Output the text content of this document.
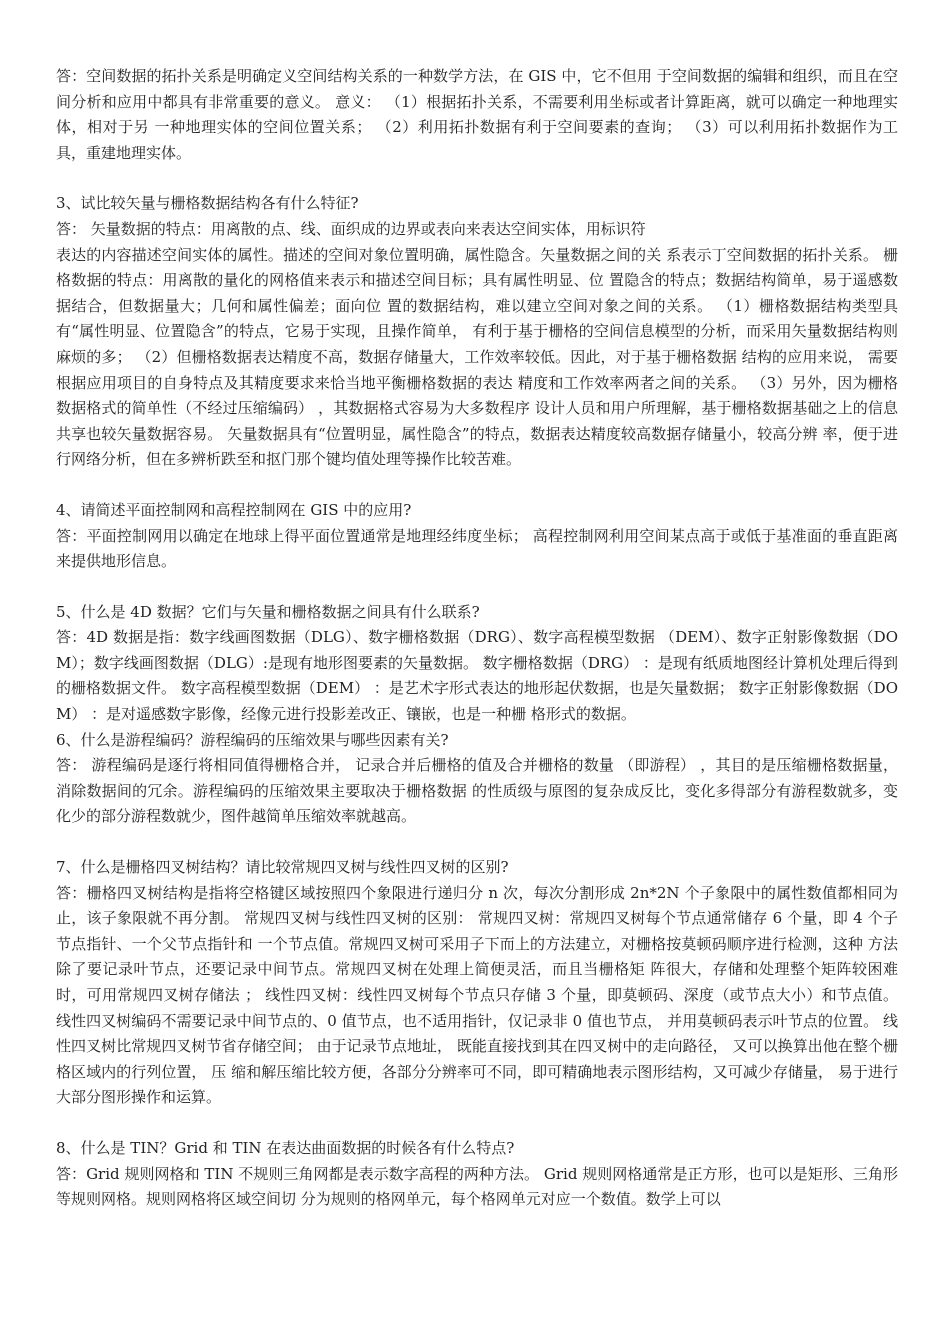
答：空间数据的拓扑关系是明确定义空间结构关系的一种数学方法，在 GIS 中，它不但用 于空间数据的编辑和组织，而且在空间分析和应用中都具有非常重要的意义。 意义： （1）根据拓扑关系，不需要利用坐标或者计算距离，就可以确定一种地理实体，相对于另 一种地理实体的空间位置关系； （2）利用拓扑数据有利于空间要素的查询； （3）可以利用拓扑数据作为工具，重建地理实体。

3、试比较矢量与栅格数据结构各有什么特征?

答： 矢量数据的特点：用离散的点、线、面织成的边界或表向来表达空间实体，用标识符
表达的内容描述空间实体的属性。描述的空间对象位置明确，属性隐含。矢量数据之间的关 系表示丁空间数据的拓扑关系。 栅格数据的特点：用离散的量化的网格值来表示和描述空间目标；具有属性明显、位 置隐含的特点；数据结构简单，易于遥感数据结合，但数据量大；几何和属性偏差；面向位 置的数据结构，难以建立空间对象之间的关系。 （1）栅格数据结构类型具有“属性明显、位置隐含”的特点，它易于实现，且操作简单， 有利于基于栅格的空间信息模型的分析，而采用矢量数据结构则麻烦的多； （2）但栅格数据表达精度不高，数据存储量大，工作效率较低。因此，对于基于栅格数据 结构的应用来说， 需要根据应用项目的自身特点及其精度要求来恰当地平衡栅格数据的表达 精度和工作效率两者之间的关系。 （3）另外，因为栅格数据格式的简单性（不经过压缩编码） ，其数据格式容易为大多数程序 设计人员和用户所理解，基于栅格数据基础之上的信息共享也较矢量数据容易。 矢量数据具有“位置明显，属性隐含”的特点，数据表达精度较高数据存储量小，较高分辨 率，便于进行网络分析，但在多辨析跌至和抠门那个键均值处理等操作比较苦难。

4、请简述平面控制网和高程控制网在 GIS 中的应用?

答：平面控制网用以确定在地球上得平面位置通常是地理经纬度坐标； 高程控制网利用空间某点高于或低于基准面的垂直距离来提供地形信息。

5、什么是 4D 数据？它们与矢量和栅格数据之间具有什么联系?

答：4D 数据是指：数字线画图数据（DLG）、数字栅格数据（DRG）、数字高程模型数据 （DEM）、数字正射影像数据（DOM）；数字线画图数据（DLG）:是现有地形图要素的矢量数据。 数字栅格数据（DRG） ：是现有纸质地图经计算机处理后得到的栅格数据文件。 数字高程模型数据（DEM） ：是艺术字形式表达的地形起伏数据，也是矢量数据； 数字正射影像数据（DOM） ：是对遥感数字影像，经像元进行投影差改正、镶嵌，也是一种栅 格形式的数据。

6、什么是游程编码？游程编码的压缩效果与哪些因素有关?

答： 游程编码是逐行将相同值得栅格合并， 记录合并后栅格的值及合并栅格的数量 （即游程） ，其目的是压缩栅格数据量，消除数据间的冗余。游程编码的压缩效果主要取决于栅格数据 的性质级与原图的复杂成反比，变化多得部分有游程数就多，变化少的部分游程数就少，图件越简单压缩效率就越高。

7、什么是栅格四叉树结构？请比较常规四叉树与线性四叉树的区别?

答：栅格四叉树结构是指将空格键区域按照四个象限进行递归分 n 次，每次分割形成 2n*2N 个子象限中的属性数值都相同为止，该子象限就不再分割。 常规四叉树与线性四叉树的区别： 常规四叉树：常规四叉树每个节点通常储存 6 个量，即 4 个子节点指针、一个父节点指针和 一个节点值。常规四叉树可采用子下而上的方法建立，对栅格按莫顿码顺序进行检测，这种 方法除了要记录叶节点，还要记录中间节点。常规四叉树在处理上简便灵活，而且当栅格矩 阵很大，存储和处理整个矩阵较困难时，可用常规四叉树存储法 ； 线性四叉树：线性四叉树每个节点只存储 3 个量，即莫顿码、深度（或节点大小）和节点值。 线性四叉树编码不需要记录中间节点的、0 值节点，也不适用指针，仅记录非 0 值也节点， 并用莫顿码表示叶节点的位置。 线性四叉树比常规四叉树节省存储空间； 由于记录节点地址， 既能直接找到其在四叉树中的走向路径， 又可以换算出他在整个栅格区域内的行列位置， 压 缩和解压缩比较方便，各部分分辨率可不同，即可精确地表示图形结构，又可减少存储量， 易于进行大部分图形操作和运算。

8、什么是 TIN？Grid 和 TIN 在表达曲面数据的时候各有什么特点?

答：Grid 规则网格和 TIN 不规则三角网都是表示数字高程的两种方法。 Grid 规则网格通常是正方形，也可以是矩形、三角形等规则网格。规则网格将区域空间切 分为规则的格网单元，每个格网单元对应一个数值。数学上可以
